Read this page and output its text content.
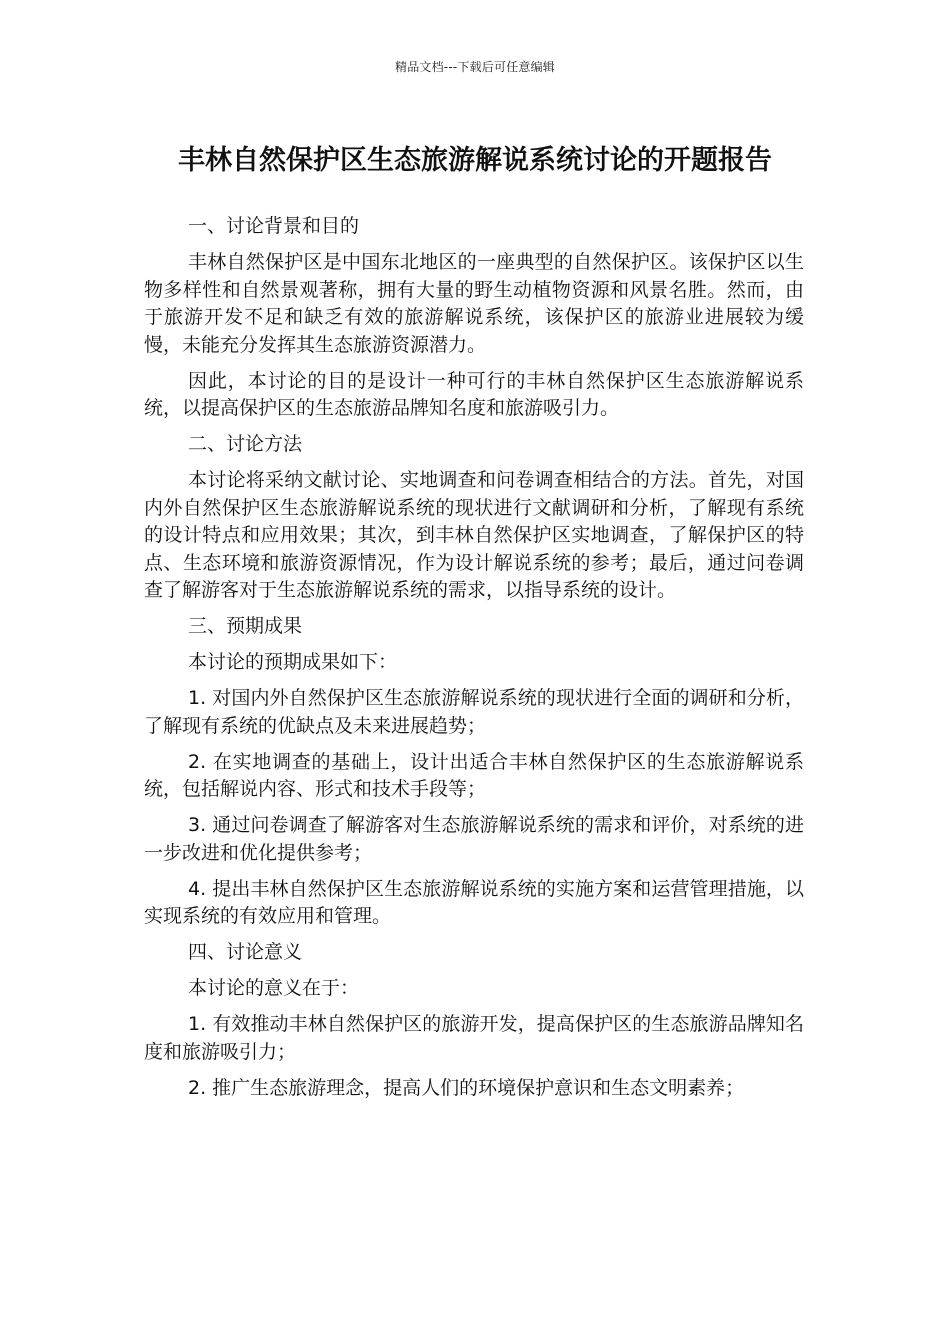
精品文档---下载后可任意编辑
丰林自然保护区生态旅游解说系统讨论的开题报告

一、讨论背景和目的

丰林自然保护区是中国东北地区的一座典型的自然保护区。该保护区以生物多样性和自然景观著称，拥有大量的野生动植物资源和风景名胜。然而，由于旅游开发不足和缺乏有效的旅游解说系统，该保护区的旅游业进展较为缓慢，未能充分发挥其生态旅游资源潜力。

因此，本讨论的目的是设计一种可行的丰林自然保护区生态旅游解说系统，以提高保护区的生态旅游品牌知名度和旅游吸引力。

二、讨论方法

本讨论将采纳文献讨论、实地调查和问卷调查相结合的方法。首先，对国内外自然保护区生态旅游解说系统的现状进行文献调研和分析，了解现有系统的设计特点和应用效果；其次，到丰林自然保护区实地调查，了解保护区的特点、生态环境和旅游资源情况，作为设计解说系统的参考；最后，通过问卷调查了解游客对于生态旅游解说系统的需求，以指导系统的设计。

三、预期成果

本讨论的预期成果如下：

1. 对国内外自然保护区生态旅游解说系统的现状进行全面的调研和分析，了解现有系统的优缺点及未来进展趋势；

2. 在实地调查的基础上，设计出适合丰林自然保护区的生态旅游解说系统，包括解说内容、形式和技术手段等；

3. 通过问卷调查了解游客对生态旅游解说系统的需求和评价，对系统的进一步改进和优化提供参考；

4. 提出丰林自然保护区生态旅游解说系统的实施方案和运营管理措施，以实现系统的有效应用和管理。

四、讨论意义

本讨论的意义在于：

1. 有效推动丰林自然保护区的旅游开发，提高保护区的生态旅游品牌知名度和旅游吸引力；

2. 推广生态旅游理念，提高人们的环境保护意识和生态文明素养；
